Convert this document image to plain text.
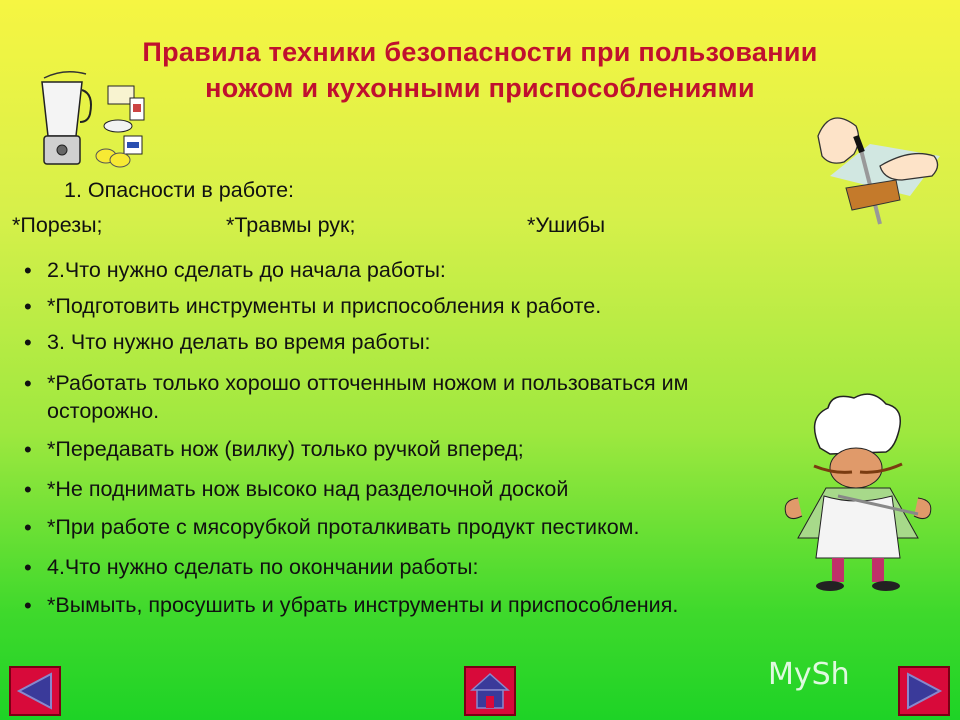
Правила техники безопасности при пользовании
ножом и кухонными приспособлениями
1. Опасности в работе:
*Порезы;	*Травмы рук;	*Ушибы
• 2.Что нужно сделать до начала работы:
• *Подготовить инструменты и приспособления к работе.
• 3. Что нужно делать во время работы:
• *Работать только хорошо отточенным ножом и пользоваться им
осторожно.
• *Передавать нож (вилку) только ручкой вперед;
• *Не поднимать нож высоко над разделочной доской
• *При работе с мясорубкой проталкивать продукт пестиком.
• 4.Что нужно сделать по окончании работы:
• *Вымыть, просушить и убрать инструменты и приспособления.
MySh
